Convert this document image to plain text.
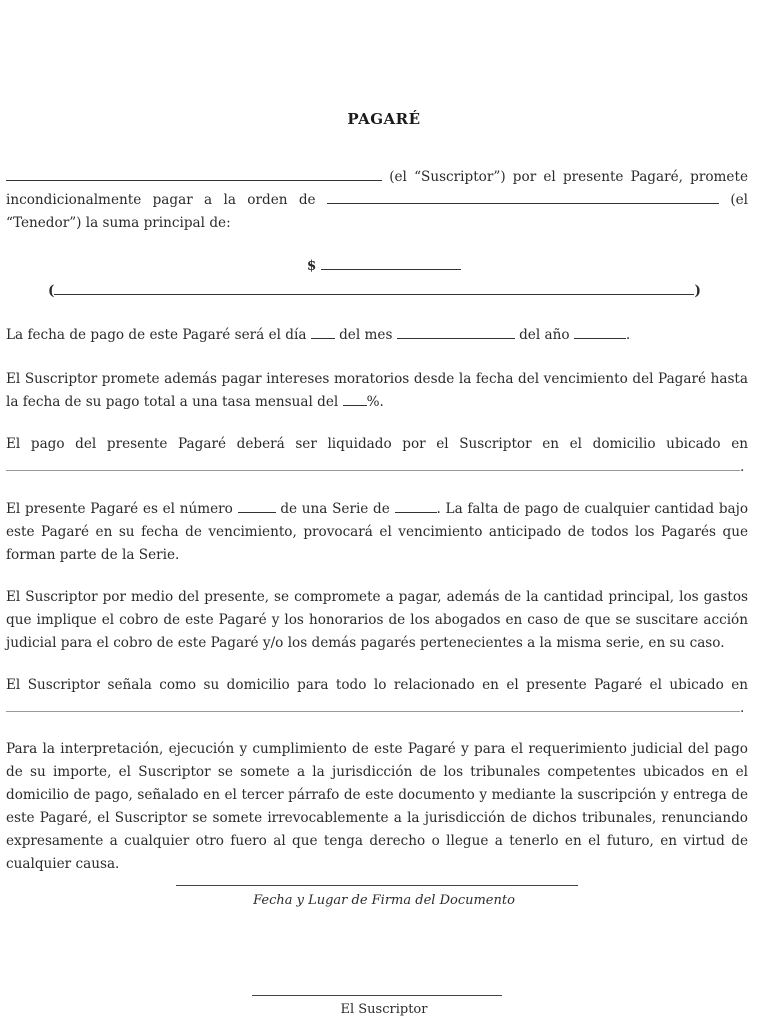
PAGARÉ
(el “Suscriptor”) por el presente Pagaré, promete incondicionalmente pagar a la orden de	(el “Tenedor”) la suma principal de:
$
(	)
La fecha de pago de este Pagaré será el día del mes	del año	.
El Suscriptor promete además pagar intereses moratorios desde la fecha del vencimiento del Pagaré hasta la fecha de su pago total a una tasa mensual del %.
El pago del presente Pagaré deberá ser liquidado por el Suscriptor en el domicilio ubicado en
.
El presente Pagaré es el número	de una Serie de	. La falta de pago de cualquier cantidad bajo este Pagaré en su fecha de vencimiento, provocará el vencimiento anticipado de todos los Pagarés que forman parte de la Serie.
El Suscriptor por medio del presente, se compromete a pagar, además de la cantidad principal, los gastos que implique el cobro de este Pagaré y los honorarios de los abogados en caso de que se suscitare acción judicial para el cobro de este Pagaré y/o los demás pagarés pertenecientes a la misma serie, en su caso.
El Suscriptor señala como su domicilio para todo lo relacionado en el presente Pagaré el ubicado en
.
Para la interpretación, ejecución y cumplimiento de este Pagaré y para el requerimiento judicial del pago de su importe, el Suscriptor se somete a la jurisdicción de los tribunales competentes ubicados en el domicilio de pago, señalado en el tercer párrafo de este documento y mediante la suscripción y entrega de este Pagaré, el Suscriptor se somete irrevocablemente a la jurisdicción de dichos tribunales, renunciando expresamente a cualquier otro fuero al que tenga derecho o llegue a tenerlo en el futuro, en virtud de cualquier causa.
Fecha y Lugar de Firma del Documento
El Suscriptor
